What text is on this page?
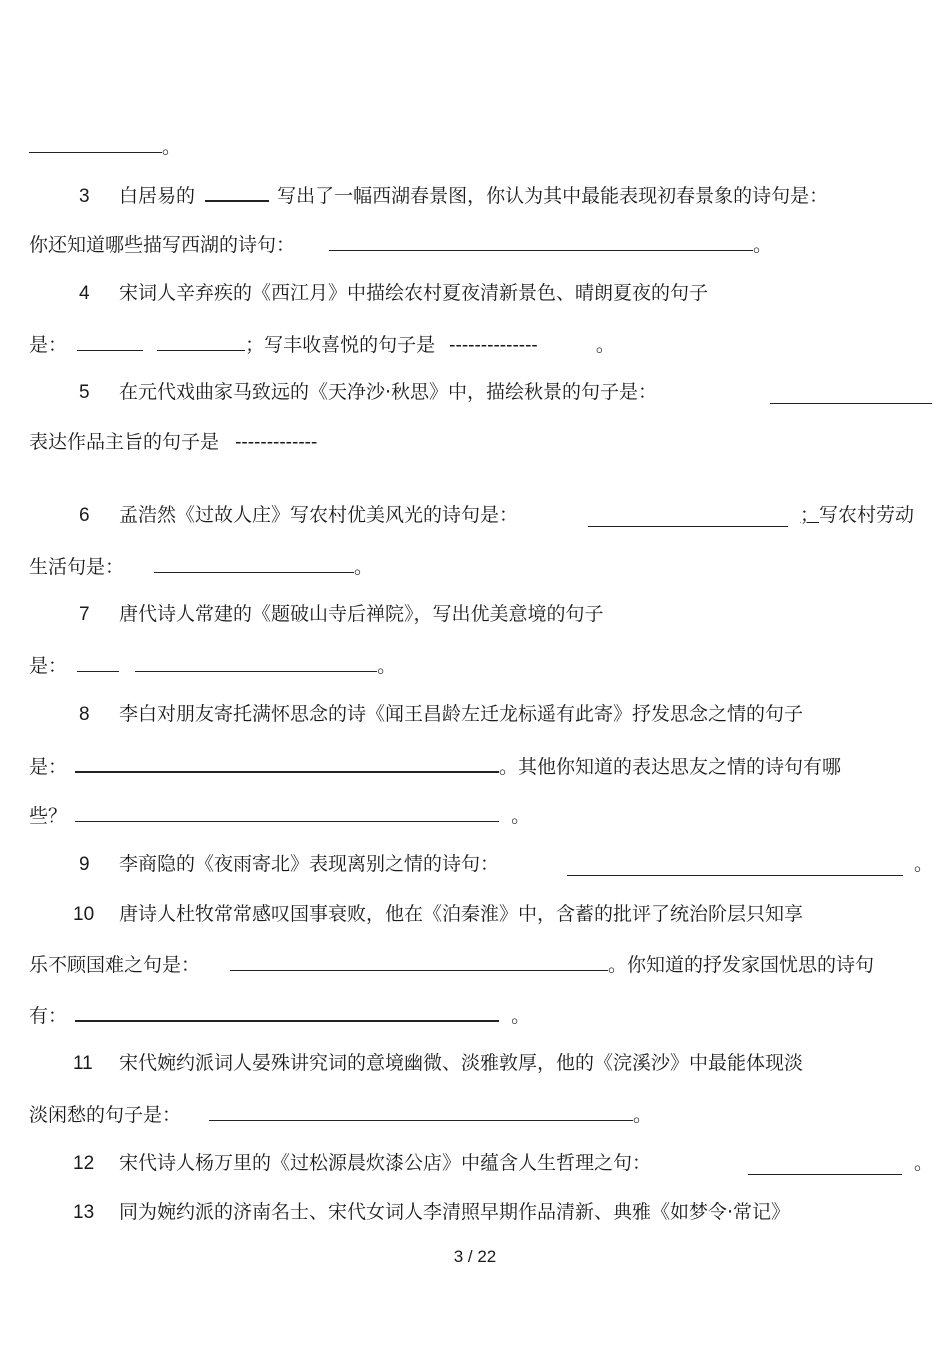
。
3 白居易的	写出了一幅西湖春景图，你认为其中最能表现初春景象的诗句是：
你还知道哪些描写西湖的诗句：	。
4 宋词人辛弃疾的《西江月》中描绘农村夏夜清新景色、晴朗夏夜的句子
是：	；写丰收喜悦的句子是 --------------	。
5 在元代戏曲家马致远的《天净沙·秋思》中，描绘秋景的句子是：
表达作品主旨的句子是 -------------
6 孟浩然《过故人庄》写农村优美风光的诗句是：	；写农村劳动
生活句是：	。
7 唐代诗人常建的《题破山寺后禅院》，写出优美意境的句子
是：	。
8 李白对朋友寄托满怀思念的诗《闻王昌龄左迁龙标遥有此寄》抒发思念之情的句子
是：	。其他你知道的表达思友之情的诗句有哪
些？	。
9 李商隐的《夜雨寄北》表现离别之情的诗句：	。
10 唐诗人杜牧常常感叹国事衰败，他在《泊秦淮》中，含蓄的批评了统治阶层只知享
乐不顾国难之句是：	。你知道的抒发家国忧思的诗句
有：	。
11 宋代婉约派词人晏殊讲究词的意境幽微、淡雅敦厚，他的《浣溪沙》中最能体现淡
淡闲愁的句子是：	。
12 宋代诗人杨万里的《过松源晨炊漆公店》中蕴含人生哲理之句：	。
13 同为婉约派的济南名士、宋代女词人李清照早期作品清新、典雅《如梦令·常记》
3 / 22
